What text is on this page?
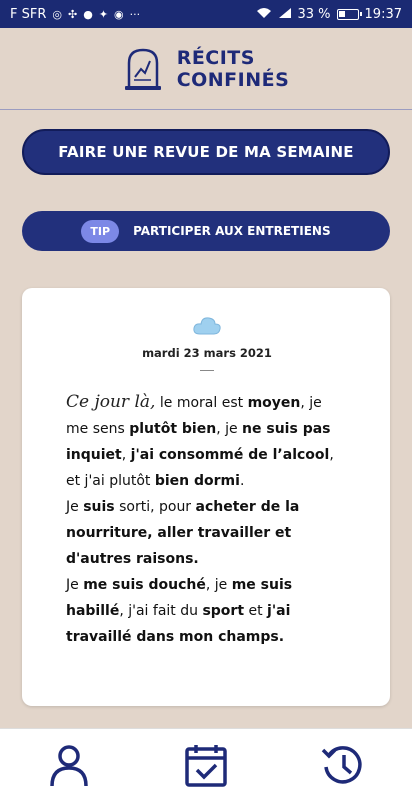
F SFR ◎ ✣ ● ✦ ◉ ···	33 %	19:37
RÉCITS
CONFINÉS
FAIRE UNE REVUE DE MA SEMAINE
TIP	PARTICIPER AUX ENTRETIENS
mardi 23 mars 2021

Ce jour là, le moral est moyen, je me sens plutôt bien, je ne suis pas inquiet, j'ai consommé de l’alcool, et j'ai plutôt bien dormi.

Je suis sorti, pour acheter de la nourriture, aller travailler et d'autres raisons.

Je me suis douché, je me suis habillé, j'ai fait du sport et j'ai travaillé dans mon champs.
